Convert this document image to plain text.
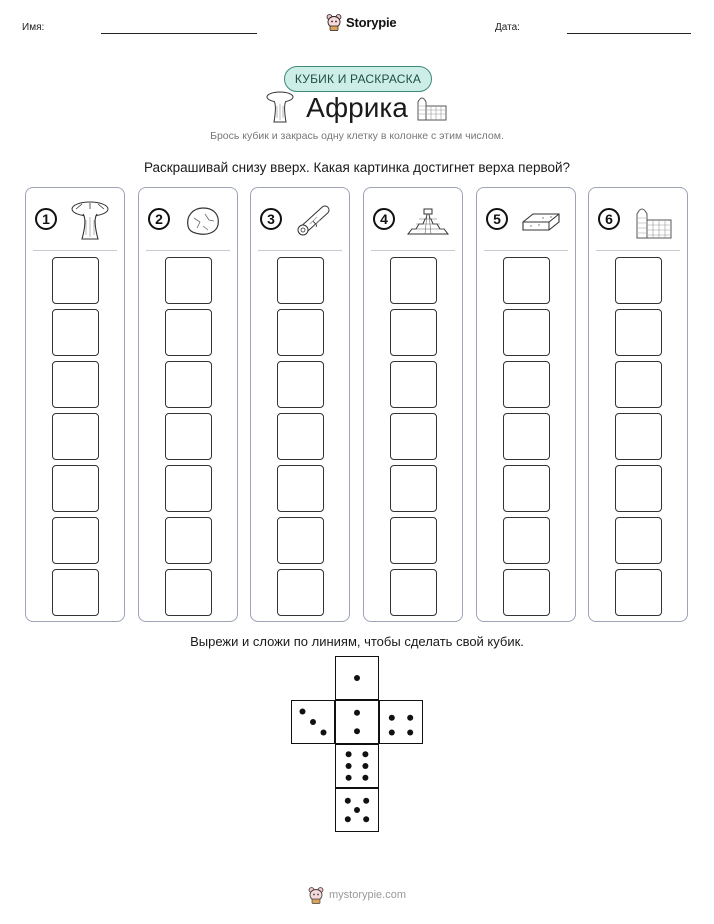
Имя:	Storypie	Дата:
КУБИК И РАСКРАСКА
Африка
Брось кубик и закрась одну клетку в колонке с этим числом.
Раскрашивай снизу вверх. Какая картинка достигнет верха первой?
1	2	3	4	5	6
Вырежи и сложи по линиям, чтобы сделать свой кубик.
mystorypie.com
